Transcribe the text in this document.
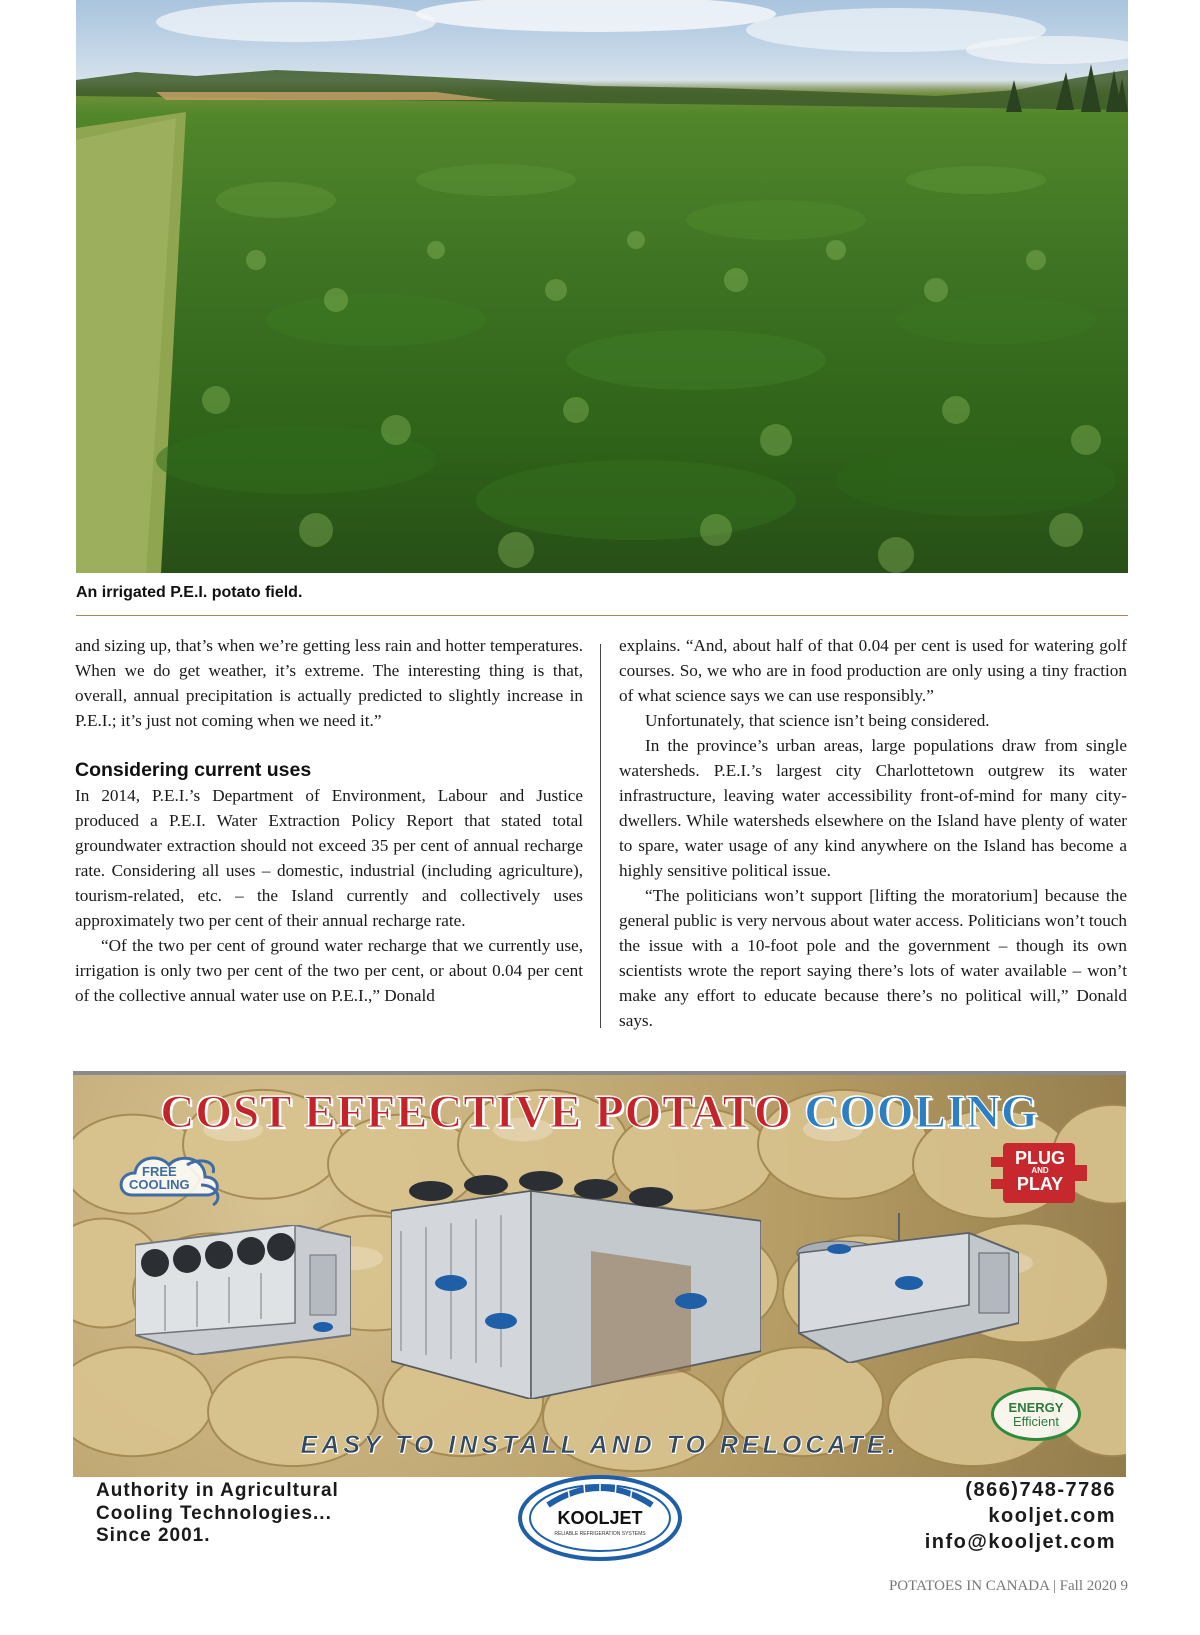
An irrigated P.E.I. potato field.

and sizing up, that’s when we’re getting less rain and hotter temperatures. When we do get weather, it’s extreme. The interesting thing is that, overall, annual precipitation is actually predicted to slightly increase in P.E.I.; it’s just not coming when we need it.”

Considering current uses

In 2014, P.E.I.’s Department of Environment, Labour and Justice produced a P.E.I. Water Extraction Policy Report that stated total groundwater extraction should not exceed 35 per cent of annual recharge rate. Considering all uses – domestic, industrial (including agriculture), tourism-related, etc. – the Island currently and collectively uses approximately two per cent of their annual recharge rate.

“Of the two per cent of ground water recharge that we currently use, irrigation is only two per cent of the two per cent, or about 0.04 per cent of the collective annual water use on P.E.I.,” Donald

explains. “And, about half of that 0.04 per cent is used for watering golf courses. So, we who are in food production are only using a tiny fraction of what science says we can use responsibly.”

Unfortunately, that science isn’t being considered.

In the province’s urban areas, large populations draw from single watersheds. P.E.I.’s largest city Charlottetown outgrew its water infrastructure, leaving water accessibility front-of-mind for many city-dwellers. While watersheds elsewhere on the Island have plenty of water to spare, water usage of any kind anywhere on the Island has become a highly sensitive political issue.

“The politicians won’t support [lifting the moratorium] because the general public is very nervous about water access. Politicians won’t touch the issue with a 10-foot pole and the government – though its own scientists wrote the report saying there’s lots of water available – won’t make any effort to educate because there’s no political will,” Donald says.

COST EFFECTIVE POTATO COOLING
FREE
COOLING
PLUG
AND
PLAY
ENERGY
Efficient
EASY TO INSTALL AND TO RELOCATE.
Authority in Agricultural
Cooling Technologies...
Since 2001.
KOOLJET
RELIABLE REFRIGERATION SYSTEMS
(866)748-7786
kooljet.com
info@kooljet.com
POTATOES IN CANADA | Fall 2020 9
